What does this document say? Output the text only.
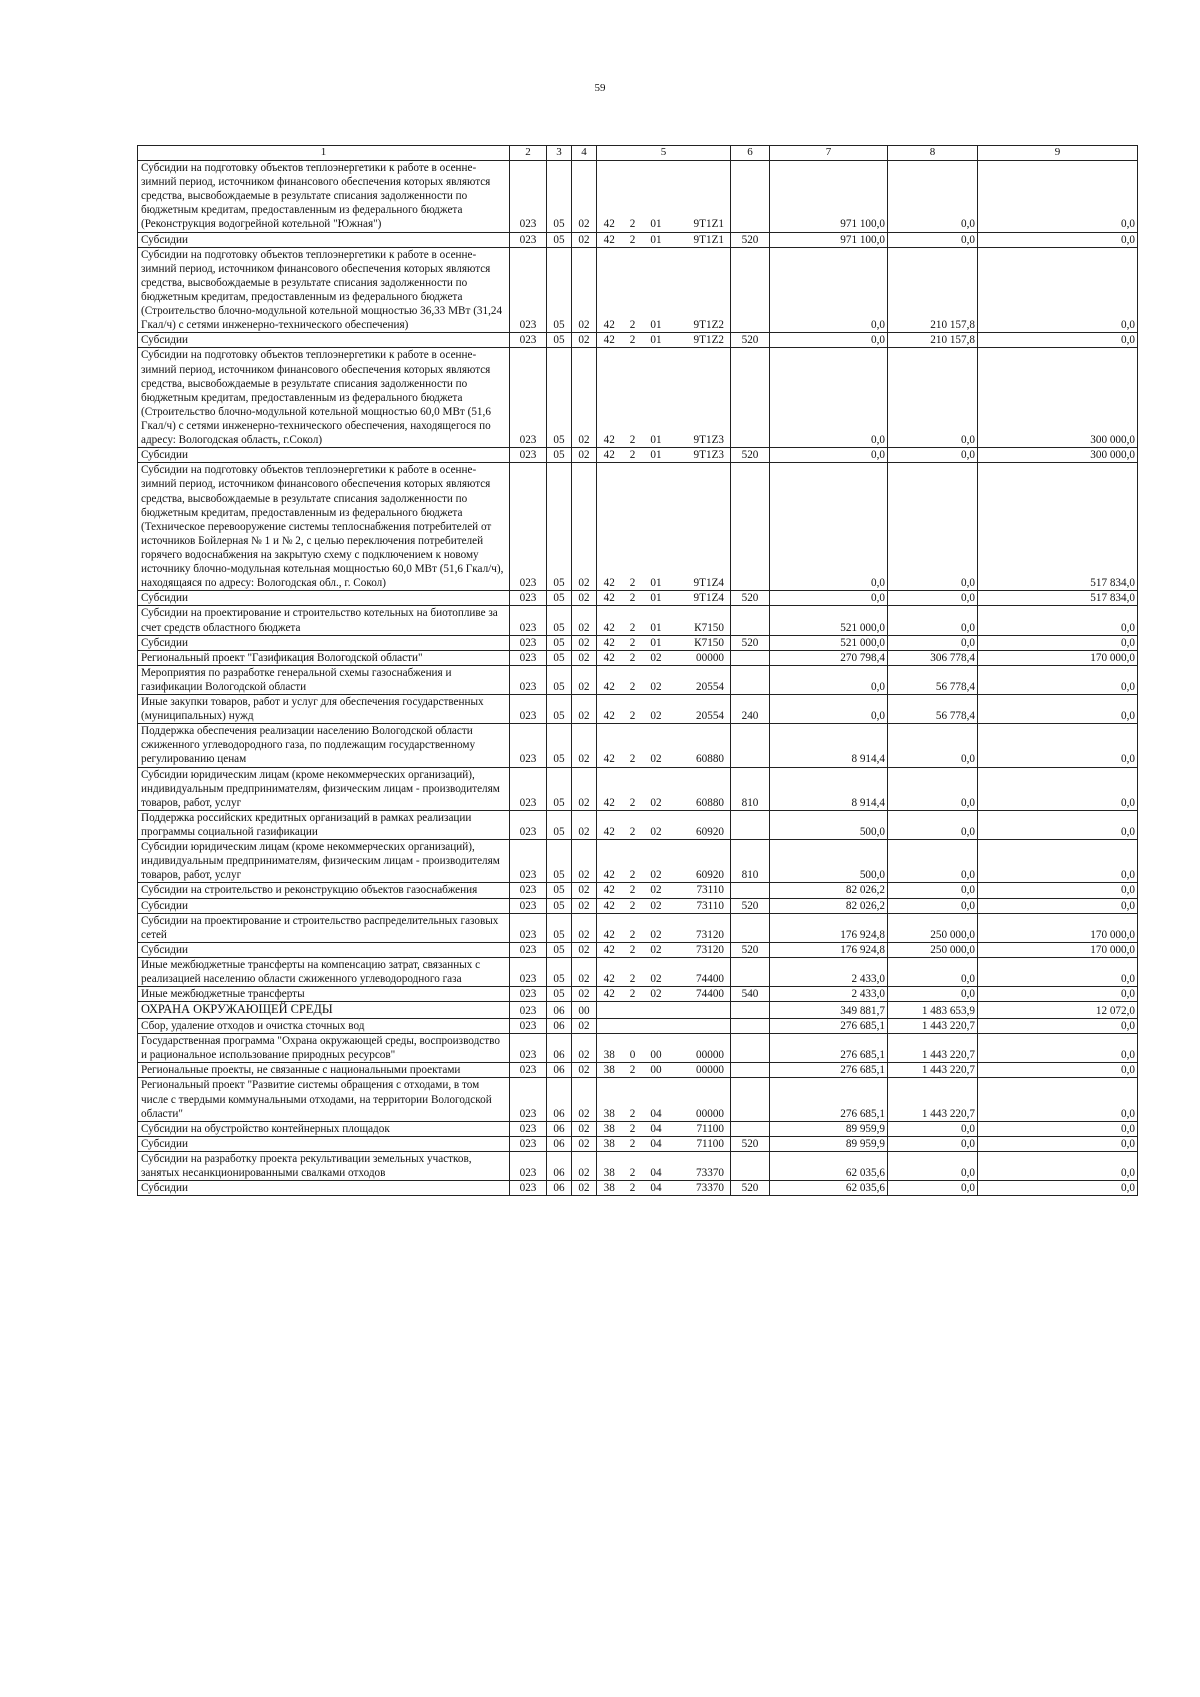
59
1	2	3	4	5				6	7	8	9
Субсидии на подготовку объектов теплоэнергетики к работе в осенне-зимний период, источником финансового обеспечения которых являются средства, высвобождаемые в результате списания задолженности по бюджетным кредитам, предоставленным из федерального бюджета (Реконструкция водогрейной котельной "Южная")	023	05	02	42	2	01	9Т1Z1		971 100,0	0,0	0,0
Субсидии	023	05	02	42	2	01	9Т1Z1	520	971 100,0	0,0	0,0
Субсидии на подготовку объектов теплоэнергетики к работе в осенне-зимний период, источником финансового обеспечения которых являются средства, высвобождаемые в результате списания задолженности по бюджетным кредитам, предоставленным из федерального бюджета (Строительство блочно-модульной котельной мощностью 36,33 МВт (31,24 Гкал/ч) с сетями инженерно-технического обеспечения)	023	05	02	42	2	01	9Т1Z2		0,0	210 157,8	0,0
Субсидии	023	05	02	42	2	01	9Т1Z2	520	0,0	210 157,8	0,0
Субсидии на подготовку объектов теплоэнергетики к работе в осенне-зимний период, источником финансового обеспечения которых являются средства, высвобождаемые в результате списания задолженности по бюджетным кредитам, предоставленным из федерального бюджета (Строительство блочно-модульной котельной мощностью 60,0 МВт (51,6 Гкал/ч) с сетями инженерно-технического обеспечения, находящегося по адресу: Вологодская область, г.Сокол)	023	05	02	42	2	01	9Т1Z3		0,0	0,0	300 000,0
Субсидии	023	05	02	42	2	01	9Т1Z3	520	0,0	0,0	300 000,0
Субсидии на подготовку объектов теплоэнергетики к работе в осенне-зимний период, источником финансового обеспечения которых являются средства, высвобождаемые в результате списания задолженности по бюджетным кредитам, предоставленным из федерального бюджета (Техническое перевооружение системы теплоснабжения потребителей от источников Бойлерная № 1 и № 2, с целью переключения потребителей горячего водоснабжения на закрытую схему с подключением к новому источнику блочно-модульная котельная мощностью 60,0 МВт (51,6 Гкал/ч), находящаяся по адресу: Вологодская обл., г. Сокол)	023	05	02	42	2	01	9Т1Z4		0,0	0,0	517 834,0
Субсидии	023	05	02	42	2	01	9Т1Z4	520	0,0	0,0	517 834,0
Субсидии на проектирование и строительство котельных на биотопливе за счет средств областного бюджета	023	05	02	42	2	01	К7150		521 000,0	0,0	0,0
Субсидии	023	05	02	42	2	01	К7150	520	521 000,0	0,0	0,0
Региональный проект "Газификация Вологодской области"	023	05	02	42	2	02	00000		270 798,4	306 778,4	170 000,0
Мероприятия по разработке генеральной схемы газоснабжения и газификации Вологодской области	023	05	02	42	2	02	20554		0,0	56 778,4	0,0
Иные закупки товаров, работ и услуг для обеспечения государственных (муниципальных) нужд	023	05	02	42	2	02	20554	240	0,0	56 778,4	0,0
Поддержка обеспечения реализации населению Вологодской области сжиженного углеводородного газа, по подлежащим государственному регулированию ценам	023	05	02	42	2	02	60880		8 914,4	0,0	0,0
Субсидии юридическим лицам (кроме некоммерческих организаций), индивидуальным предпринимателям, физическим лицам - производителям товаров, работ, услуг	023	05	02	42	2	02	60880	810	8 914,4	0,0	0,0
Поддержка российских кредитных организаций в рамках реализации программы социальной газификации	023	05	02	42	2	02	60920		500,0	0,0	0,0
Субсидии юридическим лицам (кроме некоммерческих организаций), индивидуальным предпринимателям, физическим лицам - производителям товаров, работ, услуг	023	05	02	42	2	02	60920	810	500,0	0,0	0,0
Субсидии на строительство и реконструкцию объектов газоснабжения	023	05	02	42	2	02	73110		82 026,2	0,0	0,0
Субсидии	023	05	02	42	2	02	73110	520	82 026,2	0,0	0,0
Субсидии на проектирование и строительство распределительных газовых сетей	023	05	02	42	2	02	73120		176 924,8	250 000,0	170 000,0
Субсидии	023	05	02	42	2	02	73120	520	176 924,8	250 000,0	170 000,0
Иные межбюджетные трансферты на компенсацию затрат, связанных с реализацией населению области сжиженного углеводородного газа	023	05	02	42	2	02	74400		2 433,0	0,0	0,0
Иные межбюджетные трансферты	023	05	02	42	2	02	74400	540	2 433,0	0,0	0,0
ОХРАНА ОКРУЖАЮЩЕЙ СРЕДЫ	023	06	00						349 881,7	1 483 653,9	12 072,0
Сбор, удаление отходов и очистка сточных вод	023	06	02						276 685,1	1 443 220,7	0,0
Государственная программа "Охрана окружающей среды, воспроизводство и рациональное использование природных ресурсов"	023	06	02	38	0	00	00000		276 685,1	1 443 220,7	0,0
Региональные проекты, не связанные с национальными проектами	023	06	02	38	2	00	00000		276 685,1	1 443 220,7	0,0
Региональный проект "Развитие системы обращения с отходами, в том числе с твердыми коммунальными отходами, на территории Вологодской области"	023	06	02	38	2	04	00000		276 685,1	1 443 220,7	0,0
Субсидии на обустройство контейнерных площадок	023	06	02	38	2	04	71100		89 959,9	0,0	0,0
Субсидии	023	06	02	38	2	04	71100	520	89 959,9	0,0	0,0
Субсидии на разработку проекта рекультивации земельных участков, занятых несанкционированными свалками отходов	023	06	02	38	2	04	73370		62 035,6	0,0	0,0
Субсидии	023	06	02	38	2	04	73370	520	62 035,6	0,0	0,0
